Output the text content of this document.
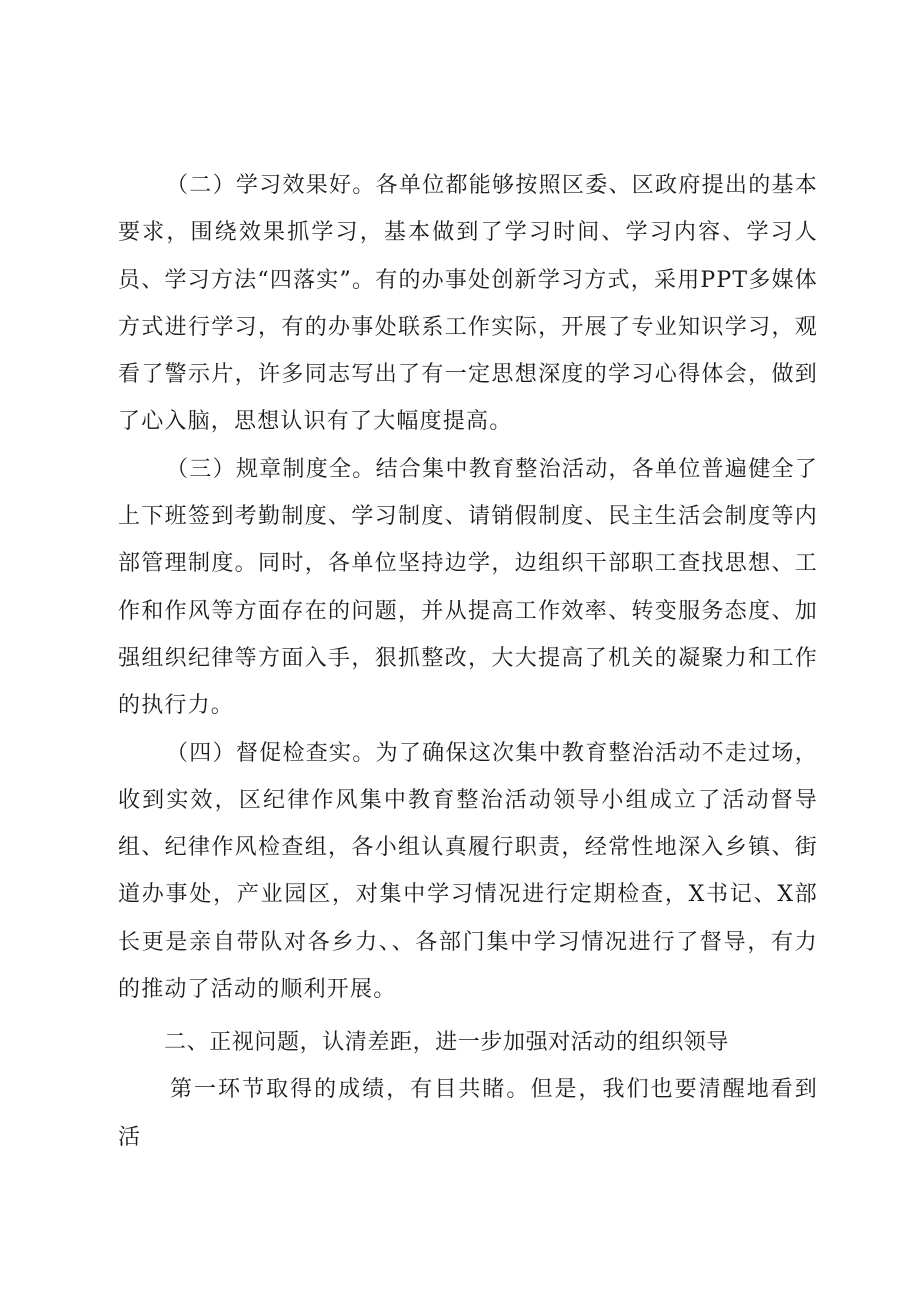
（二）学习效果好。各单位都能够按照区委、区政府提出的基本要求，围绕效果抓学习，基本做到了学习时间、学习内容、学习人员、学习方法“四落实”。有的办事处创新学习方式，采用PPT多媒体方式进行学习，有的办事处联系工作实际，开展了专业知识学习，观看了警示片，许多同志写出了有一定思想深度的学习心得体会，做到了心入脑，思想认识有了大幅度提高。

（三）规章制度全。结合集中教育整治活动，各单位普遍健全了上下班签到考勤制度、学习制度、请销假制度、民主生活会制度等内部管理制度。同时，各单位坚持边学，边组织干部职工查找思想、工作和作风等方面存在的问题，并从提高工作效率、转变服务态度、加强组织纪律等方面入手，狠抓整改，大大提高了机关的凝聚力和工作的执行力。

（四）督促检查实。为了确保这次集中教育整治活动不走过场，收到实效，区纪律作风集中教育整治活动领导小组成立了活动督导组、纪律作风检查组，各小组认真履行职责，经常性地深入乡镇、街道办事处，产业园区，对集中学习情况进行定期检查，X书记、X部长更是亲自带队对各乡力、、各部门集中学习情况进行了督导，有力的推动了活动的顺利开展。

二、正视问题，认清差距，进一步加强对活动的组织领导

第一环节取得的成绩，有目共睹。但是，我们也要清醒地看到活
